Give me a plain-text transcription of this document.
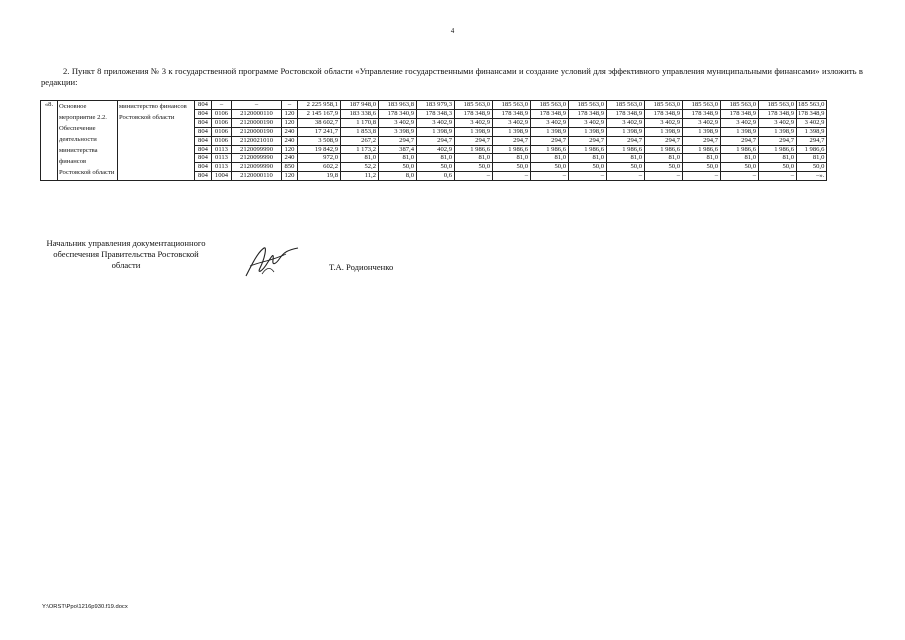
4
2. Пункт 8 приложения № 3 к государственной программе Ростовской области «Управление государственными финансами и создание условий для эффективного управления муниципальными финансами» изложить в редакции:
«8.	Основное мероприятие 2.2. Обеспечение деятельности министерства финансов Ростовской области	министерство финансов Ростовской области	804	–	–	–	2 225 958,1	187 948,0	183 963,8	183 979,3	185 563,0	185 563,0	185 563,0	185 563,0	185 563,0	185 563,0	185 563,0	185 563,0	185 563,0	185 563,0
			804	0106	2120000110	120	2 145 167,9	183 338,6	178 340,9	178 348,3	178 348,9	178 348,9	178 348,9	178 348,9	178 348,9	178 348,9	178 348,9	178 348,9	178 348,9	178 348,9
			804	0106	2120000190	120	38 602,7	1 170,8	3 402,9	3 402,9	3 402,9	3 402,9	3 402,9	3 402,9	3 402,9	3 402,9	3 402,9	3 402,9	3 402,9	3 402,9
			804	0106	2120000190	240	17 241,7	1 853,8	3 398,9	1 398,9	1 398,9	1 398,9	1 398,9	1 398,9	1 398,9	1 398,9	1 398,9	1 398,9	1 398,9	1 398,9
			804	0106	2120021010	240	3 508,9	267,2	294,7	294,7	294,7	294,7	294,7	294,7	294,7	294,7	294,7	294,7	294,7	294,7
			804	0113	2120099990	120	19 842,9	1 173,2	387,4	402,9	1 986,6	1 986,6	1 986,6	1 986,6	1 986,6	1 986,6	1 986,6	1 986,6	1 986,6	1 986,6
			804	0113	2120099990	240	972,0	81,0	81,0	81,0	81,0	81,0	81,0	81,0	81,0	81,0	81,0	81,0	81,0	81,0
			804	0113	2120099990	850	602,2	52,2	50,0	50,0	50,0	50,0	50,0	50,0	50,0	50,0	50,0	50,0	50,0	50,0
			804	1004	2120000110	120	19,8	11,2	8,0	0,6	–	–	–	–	–	–	–	–	–	–».
Начальник управления документационного обеспечения Правительства Ростовской области	Т.А. Родионченко
Y:\ORST\Ppo\1216p930.f19.docx
